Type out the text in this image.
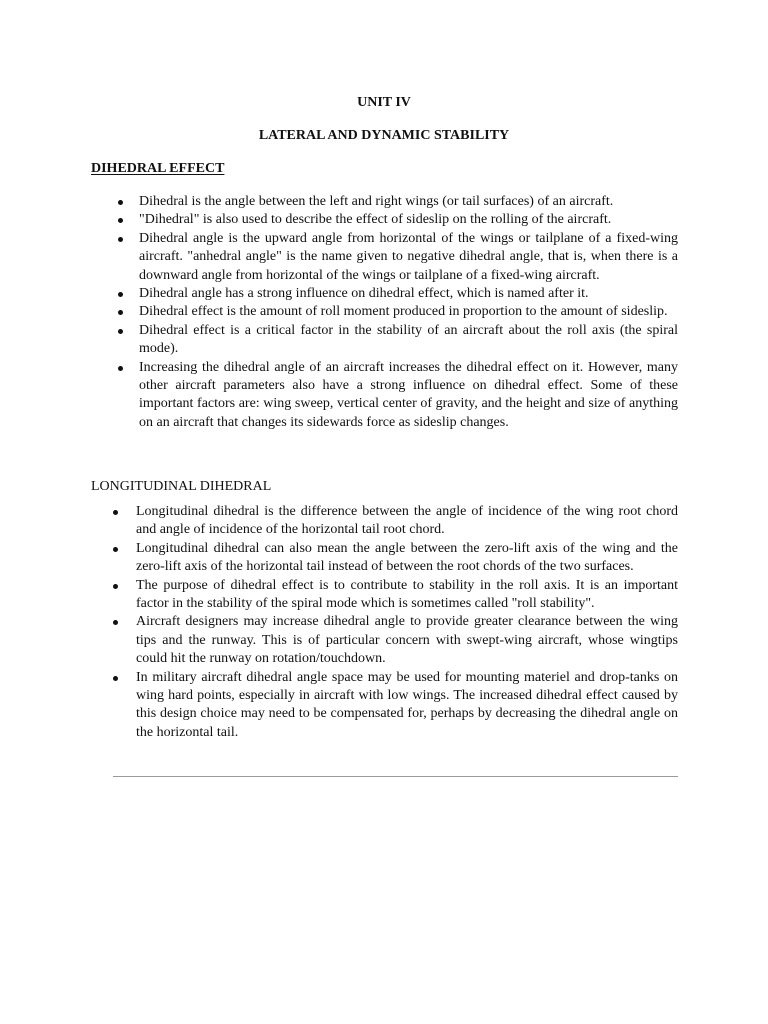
UNIT IV
LATERAL AND DYNAMIC STABILITY
DIHEDRAL EFFECT
Dihedral is the angle between the left and right wings (or tail surfaces) of an aircraft.
"Dihedral" is also used to describe the effect of sideslip on the rolling of the aircraft.
Dihedral angle is the upward angle from horizontal of the wings or tailplane of a fixed-wing aircraft. "anhedral angle" is the name given to negative dihedral angle, that is, when there is a downward angle from horizontal of the wings or tailplane of a fixed-wing aircraft.
Dihedral angle has a strong influence on dihedral effect, which is named after it.
Dihedral effect is the amount of roll moment produced in proportion to the amount of sideslip.
Dihedral effect is a critical factor in the stability of an aircraft about the roll axis (the spiral mode).
Increasing the dihedral angle of an aircraft increases the dihedral effect on it. However, many other aircraft parameters also have a strong influence on dihedral effect. Some of these important factors are: wing sweep, vertical center of gravity, and the height and size of anything on an aircraft that changes its sidewards force as sideslip changes.
LONGITUDINAL DIHEDRAL
Longitudinal dihedral is the difference between the angle of incidence of the wing root chord and angle of incidence of the horizontal tail root chord.
Longitudinal dihedral can also mean the angle between the zero-lift axis of the wing and the zero-lift axis of the horizontal tail instead of between the root chords of the two surfaces.
The purpose of dihedral effect is to contribute to stability in the roll axis. It is an important factor in the stability of the spiral mode which is sometimes called "roll stability".
Aircraft designers may increase dihedral angle to provide greater clearance between the wing tips and the runway. This is of particular concern with swept-wing aircraft, whose wingtips could hit the runway on rotation/touchdown.
In military aircraft dihedral angle space may be used for mounting materiel and drop-tanks on wing hard points, especially in aircraft with low wings. The increased dihedral effect caused by this design choice may need to be compensated for, perhaps by decreasing the dihedral angle on the horizontal tail.
